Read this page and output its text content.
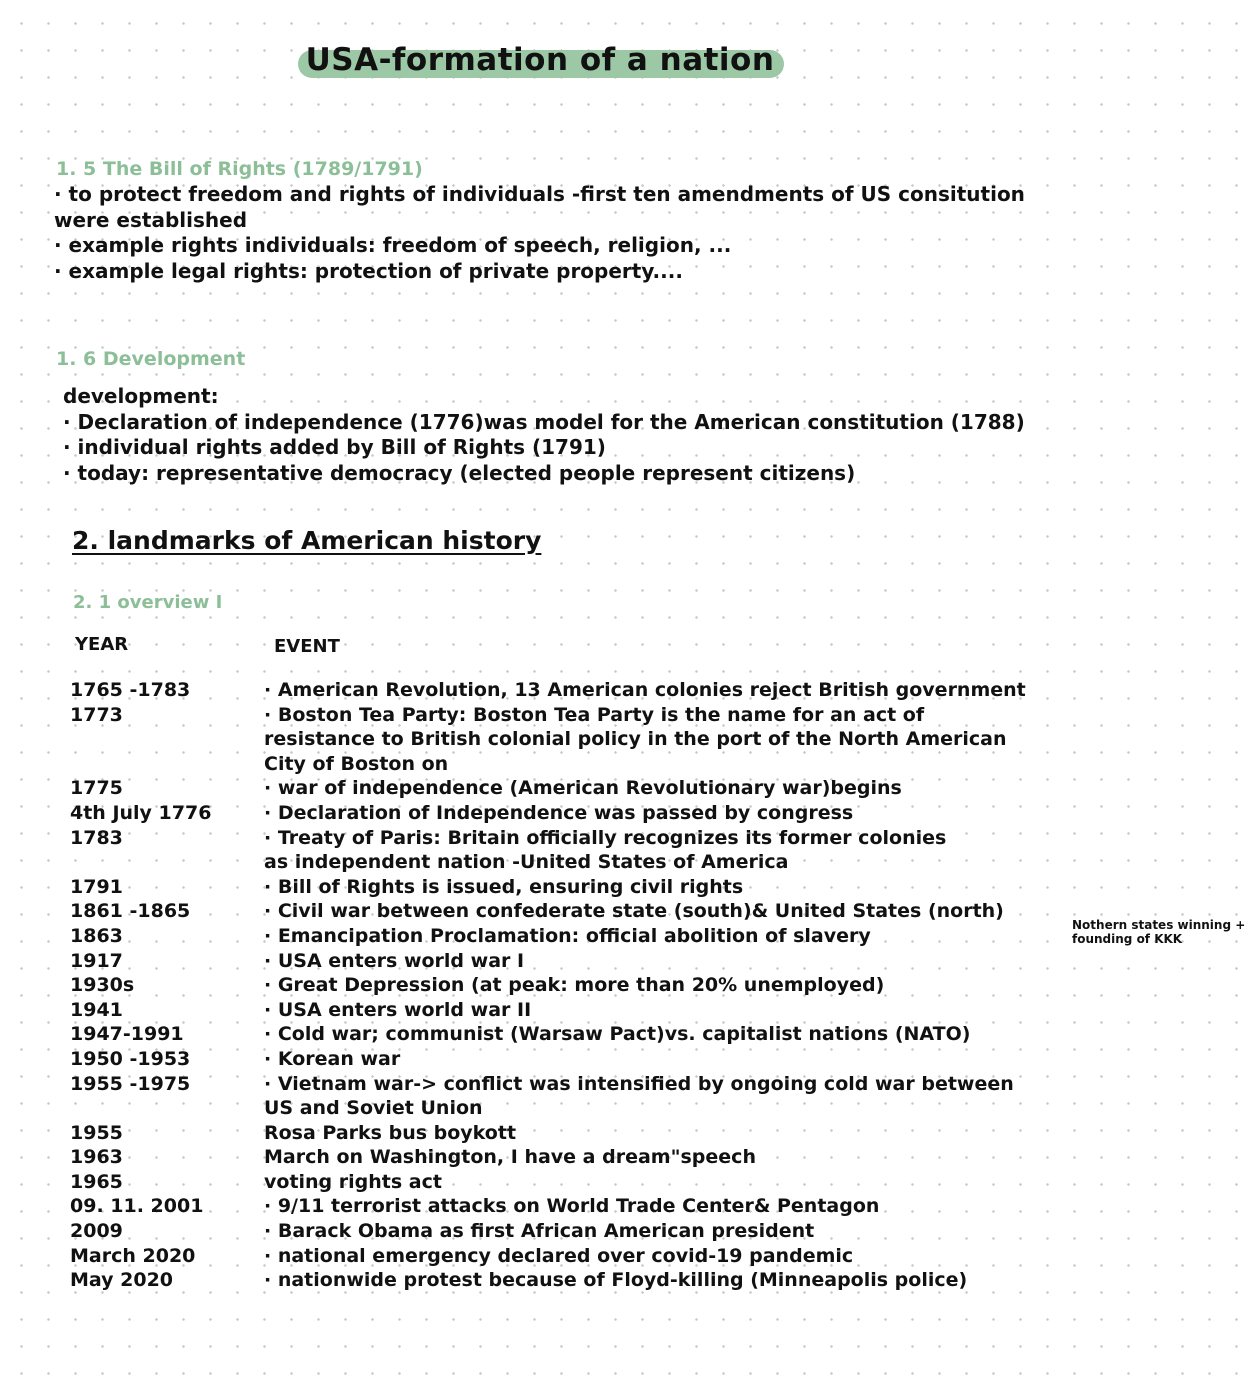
USA-formation of a nation
1. 5 The Bill of Rights (1789/1791)
· to protect freedom and rights of individuals -first ten amendments of US consitution
were established
· example rights individuals: freedom of speech, religion, ...
· example legal rights: protection of private property....
1. 6 Development
development:
· Declaration of independence (1776)was model for the American constitution (1788)
· individual rights added by Bill of Rights (1791)
· today: representative democracy (elected people represent citizens)
2. landmarks of American history
2. 1 overview I
YEAR	EVENT
1765 -1783	· American Revolution, 13 American colonies reject British government
1773	· Boston Tea Party: Boston Tea Party is the name for an act of
resistance to British colonial policy in the port of the North American
City of Boston on
1775	· war of independence (American Revolutionary war)begins
4th July 1776	· Declaration of Independence was passed by congress
1783	· Treaty of Paris: Britain officially recognizes its former colonies
as independent nation -United States of America
1791	· Bill of Rights is issued, ensuring civil rights
1861 -1865	· Civil war between confederate state (south)& United States (north)
1863	· Emancipation Proclamation: official abolition of slavery	Nothern states winning +
founding of KKK
1917	· USA enters world war I
1930s	· Great Depression (at peak: more than 20% unemployed)
1941	· USA enters world war II
1947-1991	· Cold war; communist (Warsaw Pact)vs. capitalist nations (NATO)
1950 -1953	· Korean war
1955 -1975	· Vietnam war-> conflict was intensified by ongoing cold war between
US and Soviet Union
1955	Rosa Parks bus boykott
1963	March on Washington, I have a dream"speech
1965	voting rights act
09. 11. 2001	· 9/11 terrorist attacks on World Trade Center& Pentagon
2009	· Barack Obama as first African American president
March 2020	· national emergency declared over covid-19 pandemic
May 2020	· nationwide protest because of Floyd-killing (Minneapolis police)
